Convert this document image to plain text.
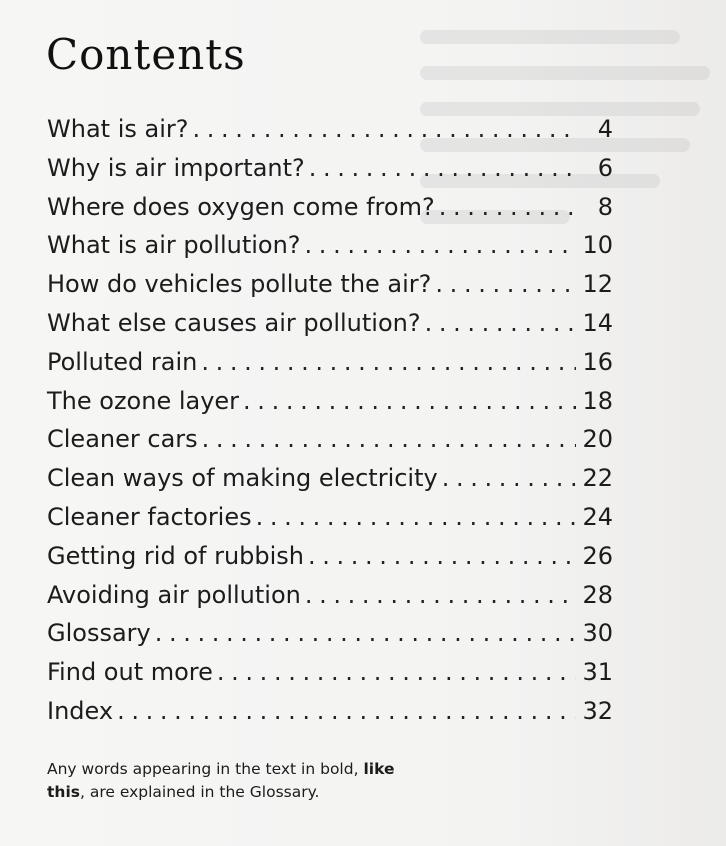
Contents
What is air? . . .	4
Why is air important? . . .	6
Where does oxygen come from? . . .	8
What is air pollution? . . .	10
How do vehicles pollute the air? . . .	12
What else causes air pollution? . . .	14
Polluted rain . . .	16
The ozone layer . . .	18
Cleaner cars . . .	20
Clean ways of making electricity . . .	22
Cleaner factories . . .	24
Getting rid of rubbish . . .	26
Avoiding air pollution . . .	28
Glossary . . .	30
Find out more . . .	31
Index . . .	32

Any words appearing in the text in bold, like this, are explained in the Glossary.
